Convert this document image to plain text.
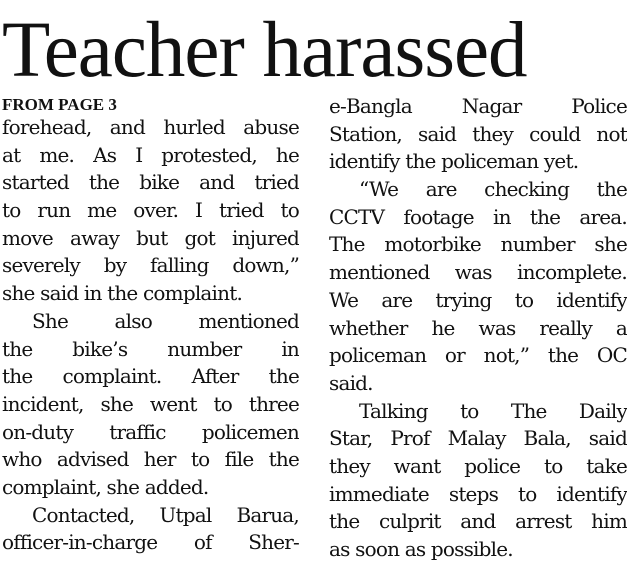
Teacher harassed
FROM PAGE 3
forehead, and hurled abuse
at me. As I protested, he
started the bike and tried
to run me over. I tried to
move away but got injured
severely by falling down,”
she said in the complaint.
She also mentioned
the bike’s number in
the complaint. After the
incident, she went to three
on-duty traffic policemen
who advised her to file the
complaint, she added.
Contacted, Utpal Barua,
officer-in-charge of Sher-
e-Bangla Nagar Police
Station, said they could not
identify the policeman yet.
“We are checking the
CCTV footage in the area.
The motorbike number she
mentioned was incomplete.
We are trying to identify
whether he was really a
policeman or not,” the OC
said.
Talking to The Daily
Star, Prof Malay Bala, said
they want police to take
immediate steps to identify
the culprit and arrest him
as soon as possible.
